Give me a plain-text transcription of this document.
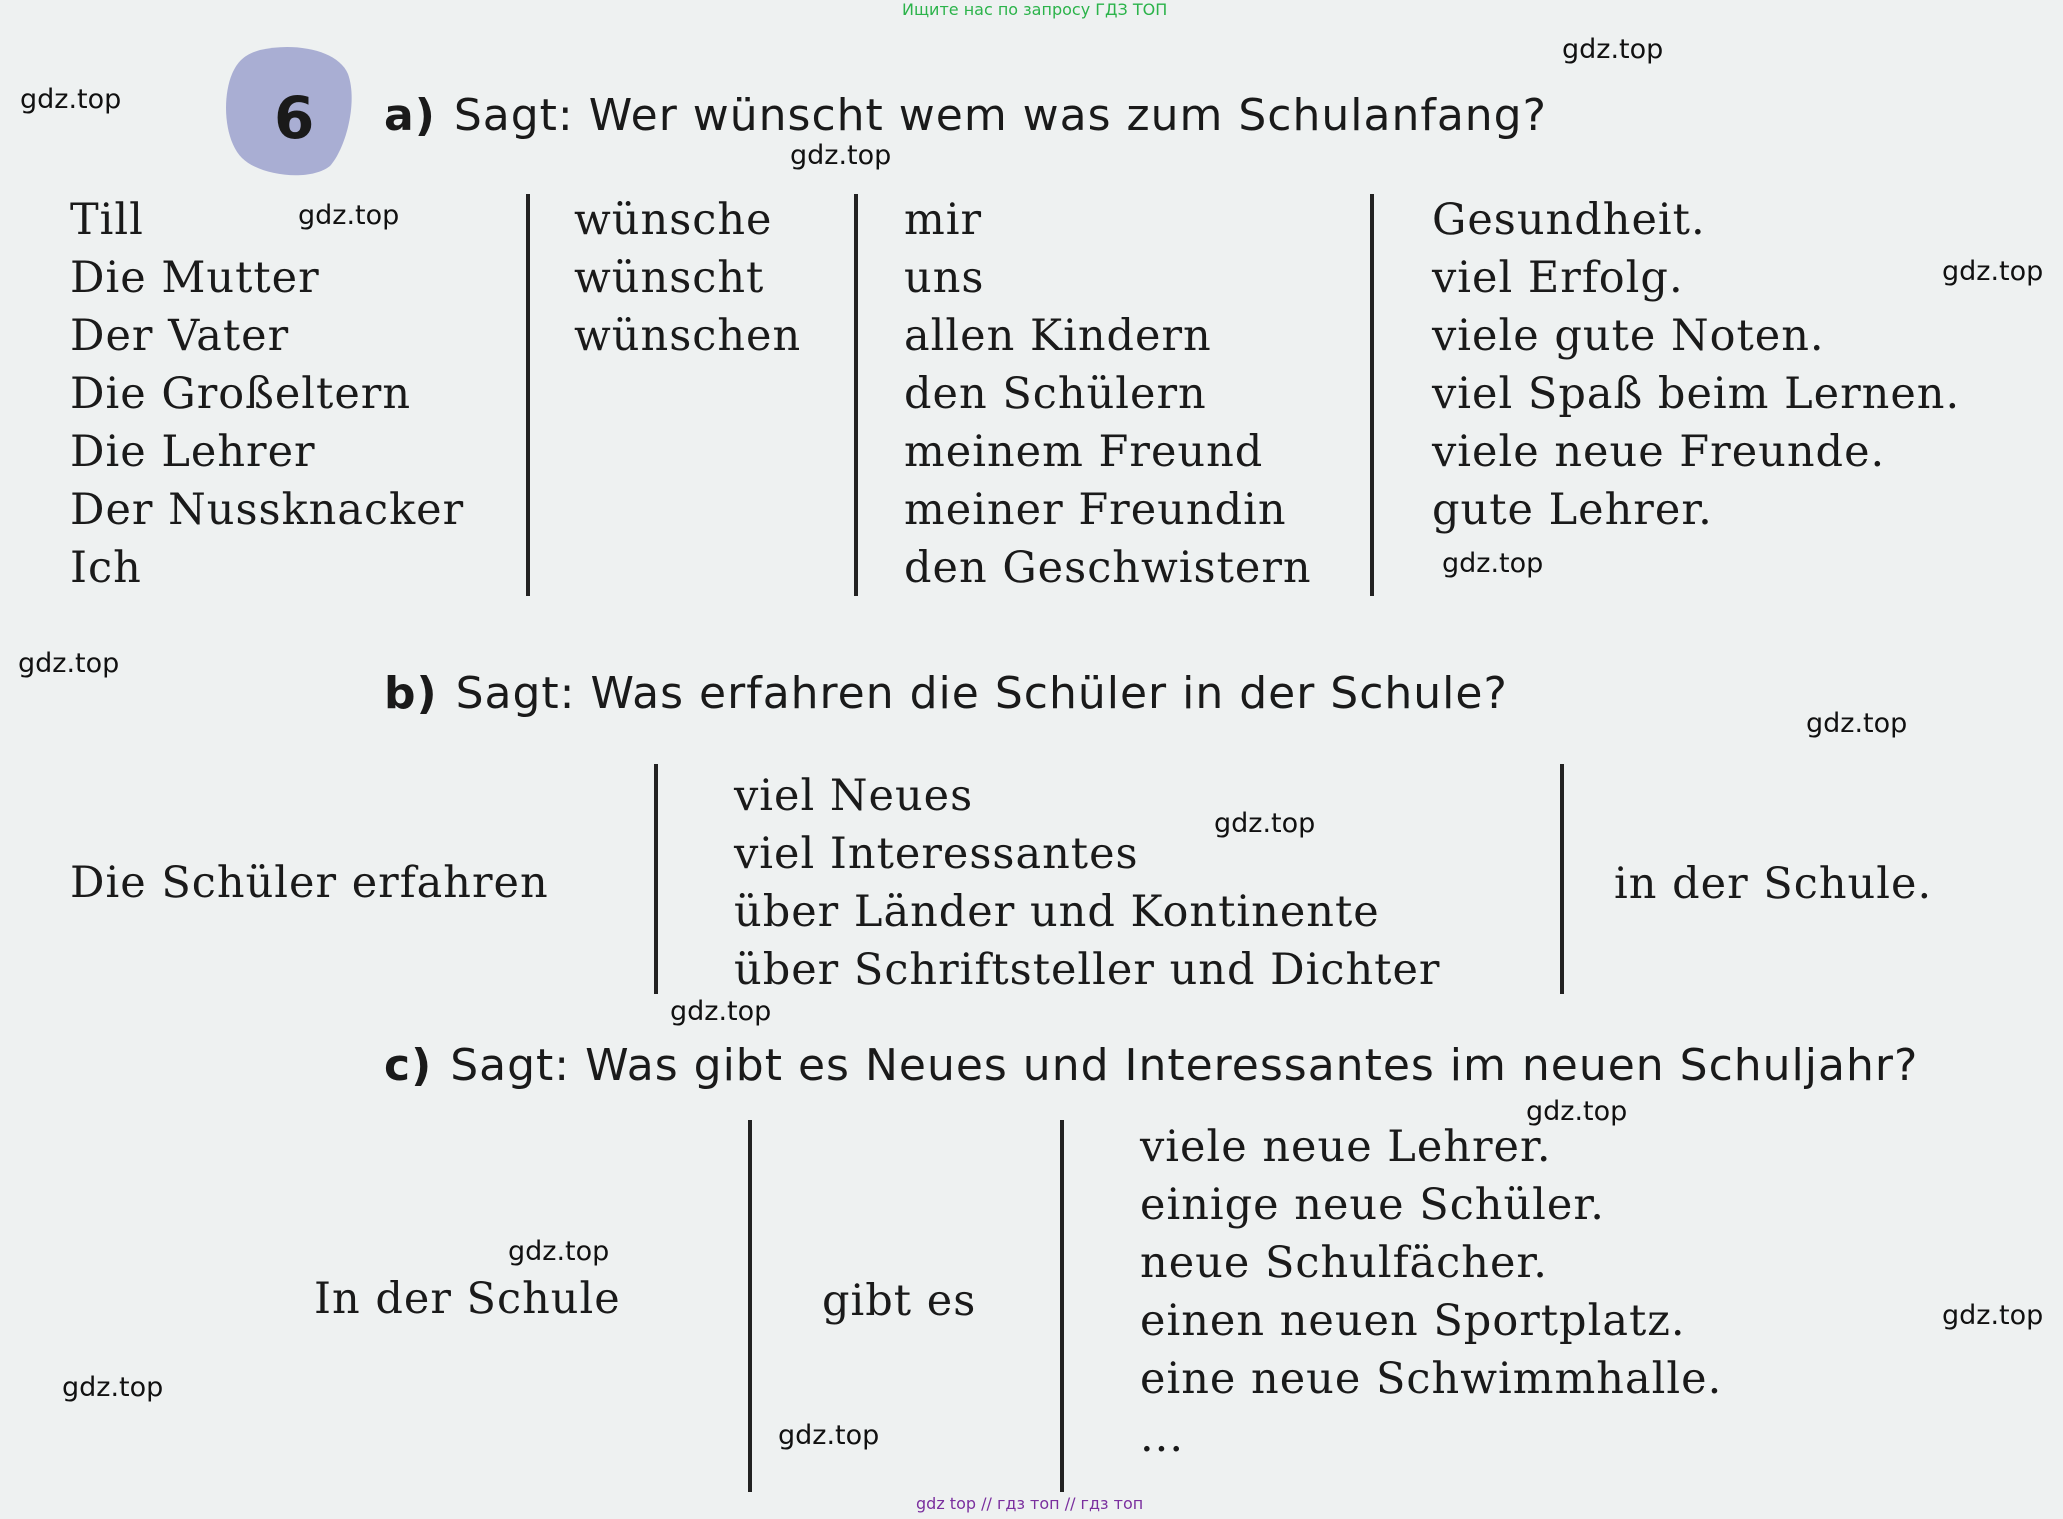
Ищите нас по запросу ГДЗ ТОП
gdz top // гдз топ // гдз топ
6 a) Sagt: Wer wünscht wem was zum Schulanfang?
Till
Die Mutter
Der Vater
Die Großeltern
Die Lehrer
Der Nussknacker
Ich
wünsche
wünscht
wünschen
mir
uns
allen Kindern
den Schülern
meinem Freund
meiner Freundin
den Geschwistern
Gesundheit.
viel Erfolg.
viele gute Noten.
viel Spaß beim Lernen.
viele neue Freunde.
gute Lehrer.
b) Sagt: Was erfahren die Schüler in der Schule?
Die Schüler erfahren
viel Neues
viel Interessantes
über Länder und Kontinente
über Schriftsteller und Dichter
in der Schule.
c) Sagt: Was gibt es Neues und Interessantes im neuen Schuljahr?
In der Schule	gibt es
viele neue Lehrer.
einige neue Schüler.
neue Schulfächer.
einen neuen Sportplatz.
eine neue Schwimmhalle.
...
gdz.top
gdz.top
gdz.top
gdz.top
gdz.top
gdz.top
gdz.top
gdz.top
gdz.top
gdz.top
gdz.top
gdz.top
gdz.top
gdz.top
gdz.top
